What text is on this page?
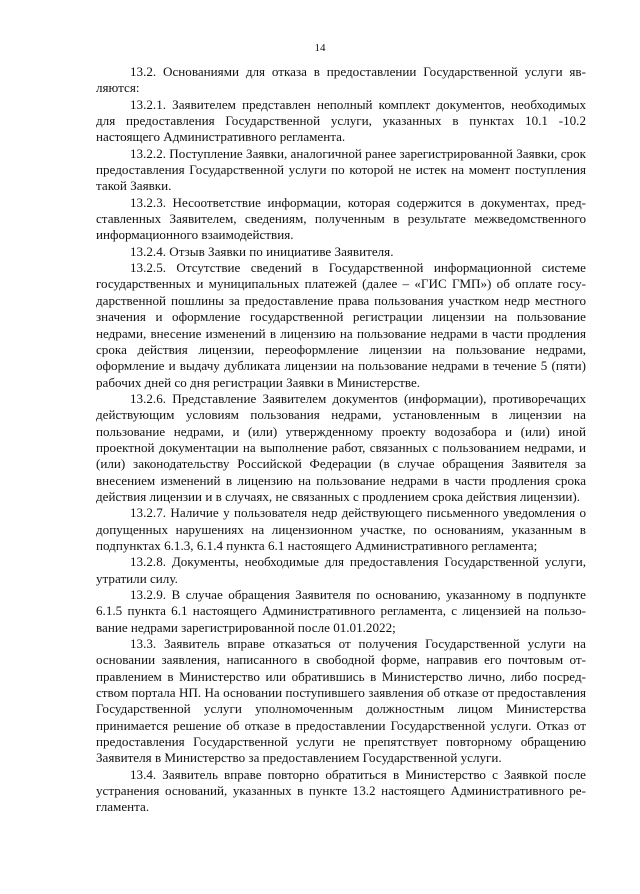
14

13.2. Основаниями для отказа в предоставлении Государственной услуги являются:

13.2.1. Заявителем представлен неполный комплект документов, необходимых для предоставления Государственной услуги, указанных в пунктах 10.1 -10.2 настоящего Административного регламента.

13.2.2. Поступление Заявки, аналогичной ранее зарегистрированной Заявки, срок предоставления Государственной услуги по которой не истек на момент поступления такой Заявки.

13.2.3. Несоответствие информации, которая содержится в документах, представленных Заявителем, сведениям, полученным в результате межведомственного информационного взаимодействия.

13.2.4. Отзыв Заявки по инициативе Заявителя.

13.2.5. Отсутствие сведений в Государственной информационной системе государственных и муниципальных платежей (далее – «ГИС ГМП») об оплате государственной пошлины за предоставление права пользования участком недр местного значения и оформление государственной регистрации лицензии на пользование недрами, внесение изменений в лицензию на пользование недрами в части продления срока действия лицензии, переоформление лицензии на пользование недрами, оформление и выдачу дубликата лицензии на пользование недрами в течение 5 (пяти) рабочих дней со дня регистрации Заявки в Министерстве.

13.2.6. Представление Заявителем документов (информации), противоречащих действующим условиям пользования недрами, установленным в лицензии на пользование недрами, и (или) утвержденному проекту водозабора и (или) иной проектной документации на выполнение работ, связанных с пользованием недрами, и (или) законодательству Российской Федерации (в случае обращения Заявителя за внесением изменений в лицензию на пользование недрами в части продления срока действия лицензии и в случаях, не связанных с продлением срока действия лицензии).

13.2.7. Наличие у пользователя недр действующего письменного уведомления о допущенных нарушениях на лицензионном участке, по основаниям, указанным в подпунктах 6.1.3, 6.1.4 пункта 6.1 настоящего Административного регламента;

13.2.8. Документы, необходимые для предоставления Государственной услуги, утратили силу.

13.2.9. В случае обращения Заявителя по основанию, указанному в подпункте 6.1.5 пункта 6.1 настоящего Административного регламента, с лицензией на пользование недрами зарегистрированной после 01.01.2022;

13.3. Заявитель вправе отказаться от получения Государственной услуги на основании заявления, написанного в свободной форме, направив его почтовым отправлением в Министерство или обратившись в Министерство лично, либо посредством портала НП. На основании поступившего заявления об отказе от предоставления Государственной услуги уполномоченным должностным лицом Министерства принимается решение об отказе в предоставлении Государственной услуги. Отказ от предоставления Государственной услуги не препятствует повторному обращению Заявителя в Министерство за предоставлением Государственной услуги.

13.4. Заявитель вправе повторно обратиться в Министерство с Заявкой после устранения оснований, указанных в пункте 13.2 настоящего Административного регламента.
